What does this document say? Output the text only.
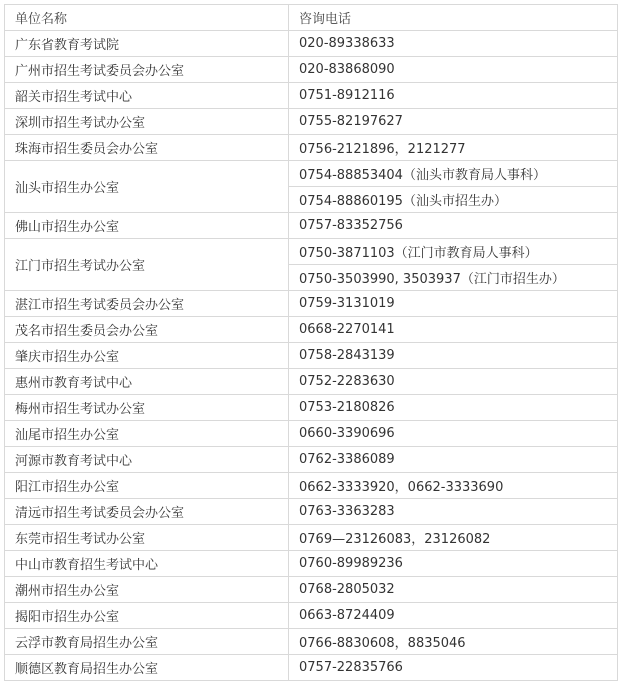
单位名称	咨询电话
广东省教育考试院	020-89338633
广州市招生考试委员会办公室	020-83868090
韶关市招生考试中心	0751-8912116
深圳市招生考试办公室	0755-82197627
珠海市招生委员会办公室	0756-2121896，2121277
汕头市招生办公室	0754-88853404（汕头市教育局人事科）
	0754-88860195（汕头市招生办）
佛山市招生办公室	0757-83352756
江门市招生考试办公室	0750-3871103（江门市教育局人事科）
	0750-3503990, 3503937（江门市招生办）
湛江市招生考试委员会办公室	0759-3131019
茂名市招生委员会办公室	0668-2270141
肇庆市招生办公室	0758-2843139
惠州市教育考试中心	0752-2283630
梅州市招生考试办公室	0753-2180826
汕尾市招生办公室	0660-3390696
河源市教育考试中心	0762-3386089
阳江市招生办公室	0662-3333920，0662-3333690
清远市招生考试委员会办公室	0763-3363283
东莞市招生考试办公室	0769—23126083，23126082
中山市教育招生考试中心	0760-89989236
潮州市招生办公室	0768-2805032
揭阳市招生办公室	0663-8724409
云浮市教育局招生办公室	0766-8830608，8835046
顺德区教育局招生办公室	0757-22835766
